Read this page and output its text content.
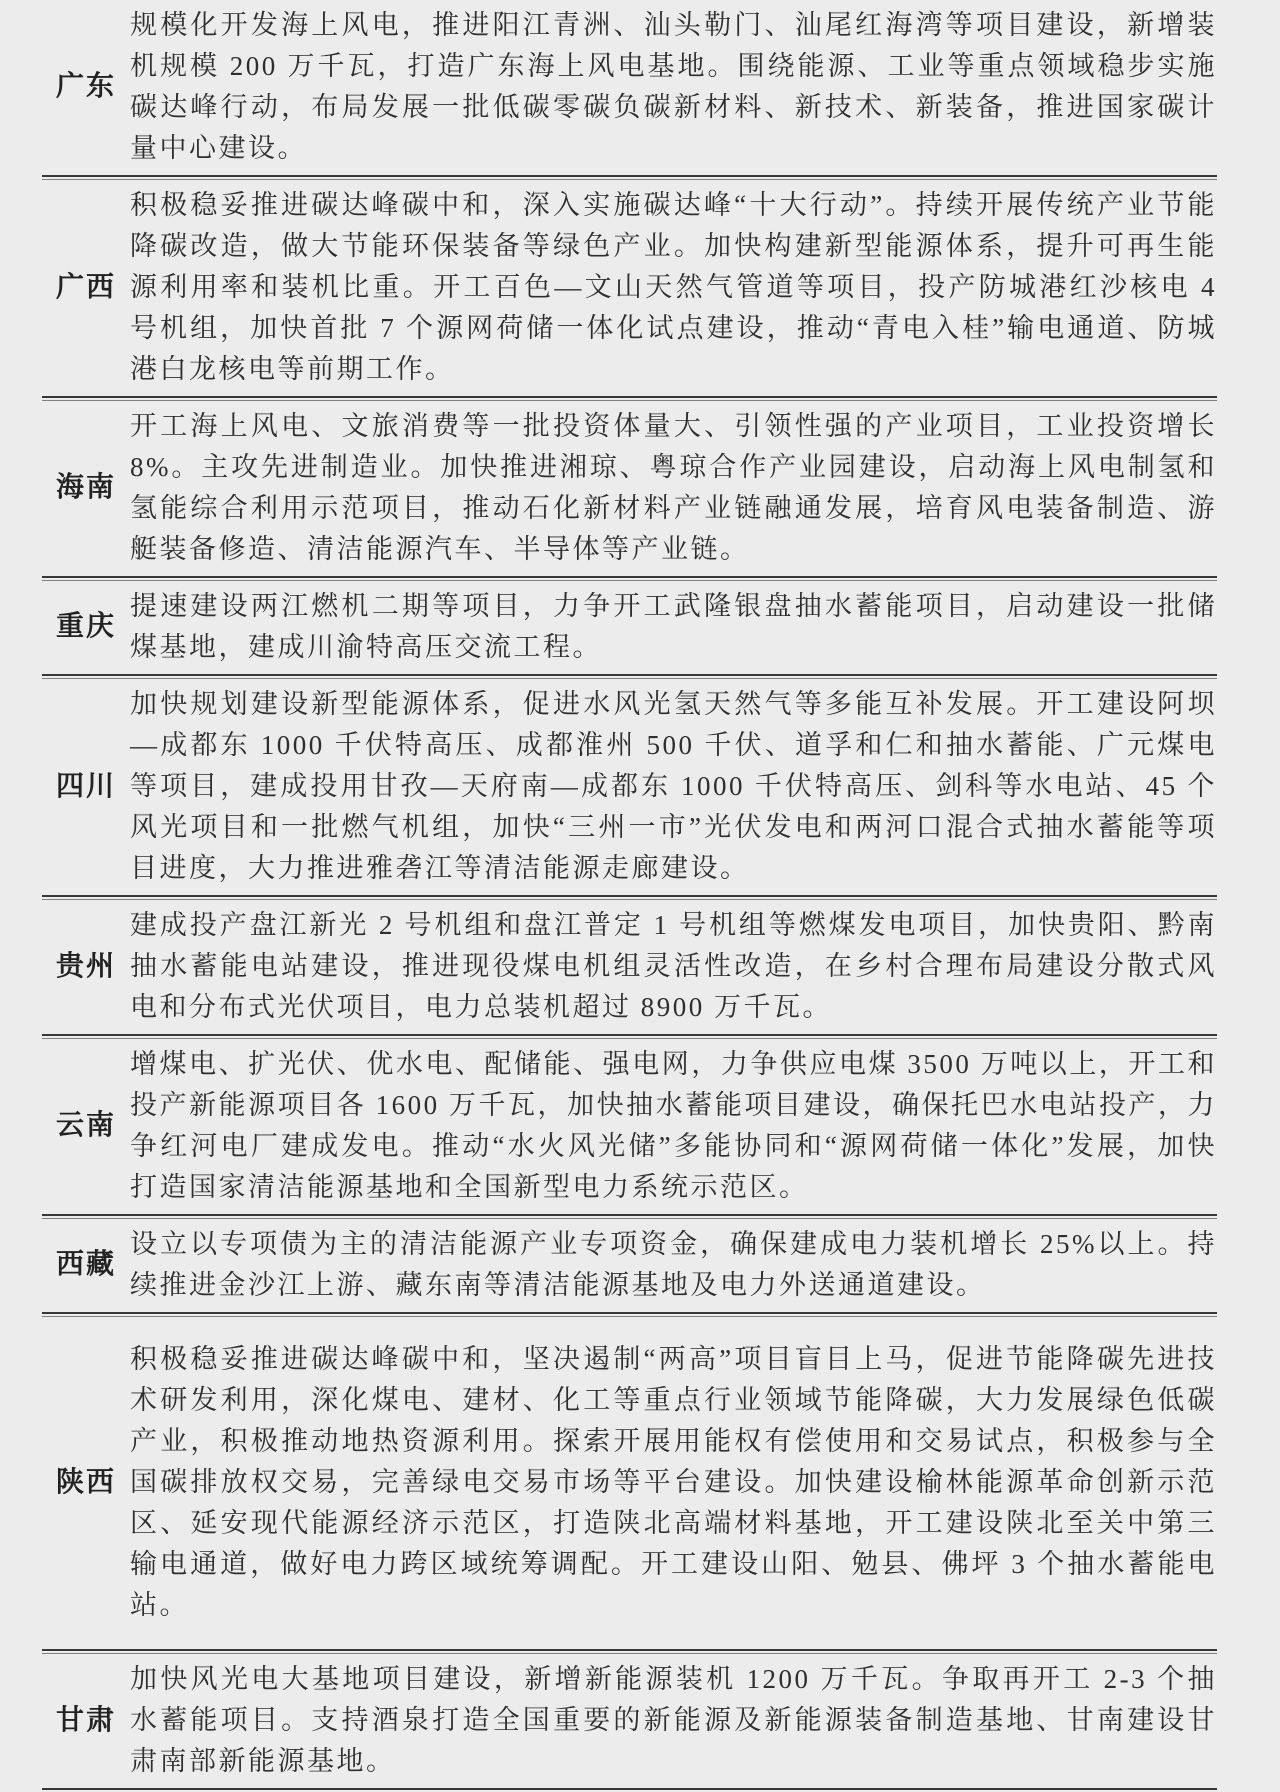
广东
规模化开发海上风电，推进阳江青洲、汕头勒门、汕尾红海湾等项目建设，新增装机规模 200 万千瓦，打造广东海上风电基地。围绕能源、工业等重点领域稳步实施碳达峰行动，布局发展一批低碳零碳负碳新材料、新技术、新装备，推进国家碳计量中心建设。
广西
积极稳妥推进碳达峰碳中和，深入实施碳达峰“十大行动”。持续开展传统产业节能降碳改造，做大节能环保装备等绿色产业。加快构建新型能源体系，提升可再生能源利用率和装机比重。开工百色—文山天然气管道等项目，投产防城港红沙核电 4 号机组，加快首批 7 个源网荷储一体化试点建设，推动“青电入桂”输电通道、防城港白龙核电等前期工作。
海南
开工海上风电、文旅消费等一批投资体量大、引领性强的产业项目，工业投资增长 8%。主攻先进制造业。加快推进湘琼、粤琼合作产业园建设，启动海上风电制氢和氢能综合利用示范项目，推动石化新材料产业链融通发展，培育风电装备制造、游艇装备修造、清洁能源汽车、半导体等产业链。
重庆
提速建设两江燃机二期等项目，力争开工武隆银盘抽水蓄能项目，启动建设一批储煤基地，建成川渝特高压交流工程。
四川
加快规划建设新型能源体系，促进水风光氢天然气等多能互补发展。开工建设阿坝—成都东 1000 千伏特高压、成都淮州 500 千伏、道孚和仁和抽水蓄能、广元煤电等项目，建成投用甘孜—天府南—成都东 1000 千伏特高压、剑科等水电站、45 个风光项目和一批燃气机组，加快“三州一市”光伏发电和两河口混合式抽水蓄能等项目进度，大力推进雅砻江等清洁能源走廊建设。
贵州
建成投产盘江新光 2 号机组和盘江普定 1 号机组等燃煤发电项目，加快贵阳、黔南抽水蓄能电站建设，推进现役煤电机组灵活性改造，在乡村合理布局建设分散式风电和分布式光伏项目，电力总装机超过 8900 万千瓦。
云南
增煤电、扩光伏、优水电、配储能、强电网，力争供应电煤 3500 万吨以上，开工和投产新能源项目各 1600 万千瓦，加快抽水蓄能项目建设，确保托巴水电站投产，力争红河电厂建成发电。推动“水火风光储”多能协同和“源网荷储一体化”发展，加快打造国家清洁能源基地和全国新型电力系统示范区。
西藏
设立以专项债为主的清洁能源产业专项资金，确保建成电力装机增长 25%以上。持续推进金沙江上游、藏东南等清洁能源基地及电力外送通道建设。
陕西
积极稳妥推进碳达峰碳中和，坚决遏制“两高”项目盲目上马，促进节能降碳先进技术研发利用，深化煤电、建材、化工等重点行业领域节能降碳，大力发展绿色低碳产业，积极推动地热资源利用。探索开展用能权有偿使用和交易试点，积极参与全国碳排放权交易，完善绿电交易市场等平台建设。加快建设榆林能源革命创新示范区、延安现代能源经济示范区，打造陕北高端材料基地，开工建设陕北至关中第三输电通道，做好电力跨区域统筹调配。开工建设山阳、勉县、佛坪 3 个抽水蓄能电站。
甘肃
加快风光电大基地项目建设，新增新能源装机 1200 万千瓦。争取再开工 2-3 个抽水蓄能项目。支持酒泉打造全国重要的新能源及新能源装备制造基地、甘南建设甘肃南部新能源基地。
